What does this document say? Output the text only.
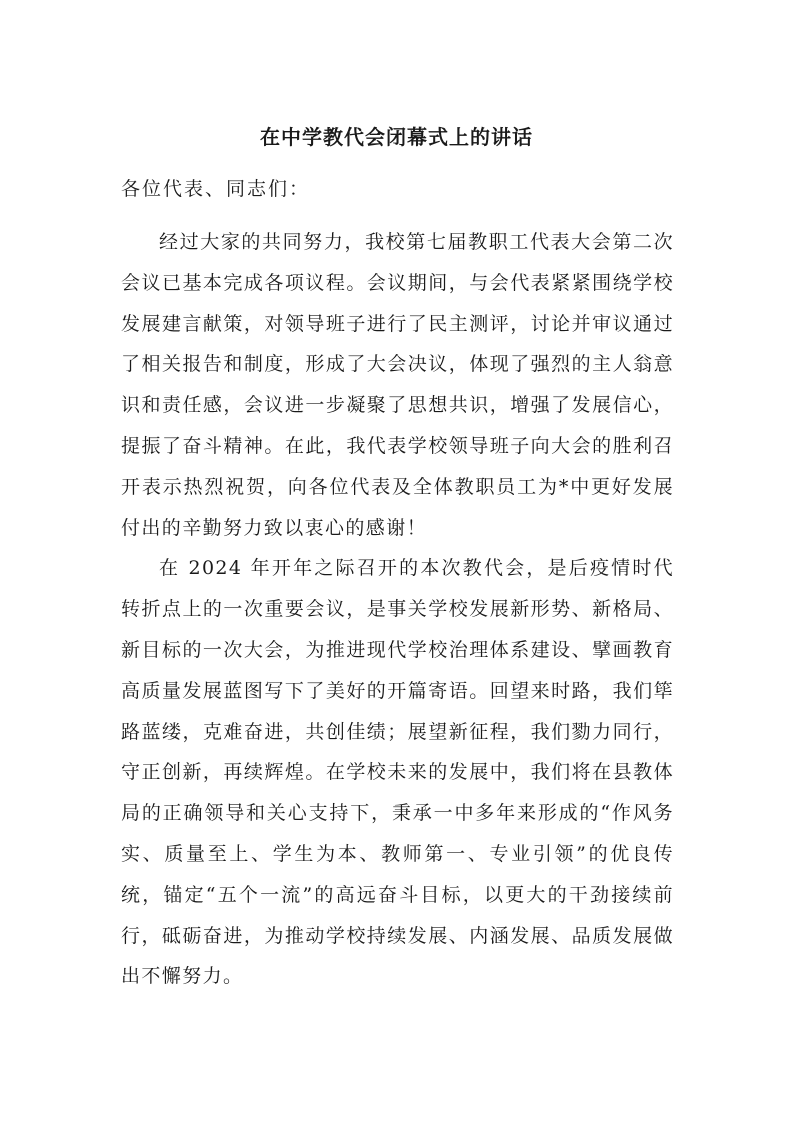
在中学教代会闭幕式上的讲话

各位代表、同志们：

经过大家的共同努力，我校第七届教职工代表大会第二次会议已基本完成各项议程。会议期间，与会代表紧紧围绕学校发展建言献策，对领导班子进行了民主测评，讨论并审议通过了相关报告和制度，形成了大会决议，体现了强烈的主人翁意识和责任感，会议进一步凝聚了思想共识，增强了发展信心，提振了奋斗精神。在此，我代表学校领导班子向大会的胜利召开表示热烈祝贺，向各位代表及全体教职员工为*中更好发展付出的辛勤努力致以衷心的感谢！

在 2024 年开年之际召开的本次教代会，是后疫情时代转折点上的一次重要会议，是事关学校发展新形势、新格局、新目标的一次大会，为推进现代学校治理体系建设、擘画教育高质量发展蓝图写下了美好的开篇寄语。回望来时路，我们筚路蓝缕，克难奋进，共创佳绩；展望新征程，我们勠力同行，守正创新，再续辉煌。在学校未来的发展中，我们将在县教体局的正确领导和关心支持下，秉承一中多年来形成的“作风务实、质量至上、学生为本、教师第一、专业引领”的优良传统，锚定“五个一流”的高远奋斗目标，以更大的干劲接续前行，砥砺奋进，为推动学校持续发展、内涵发展、品质发展做出不懈努力。
